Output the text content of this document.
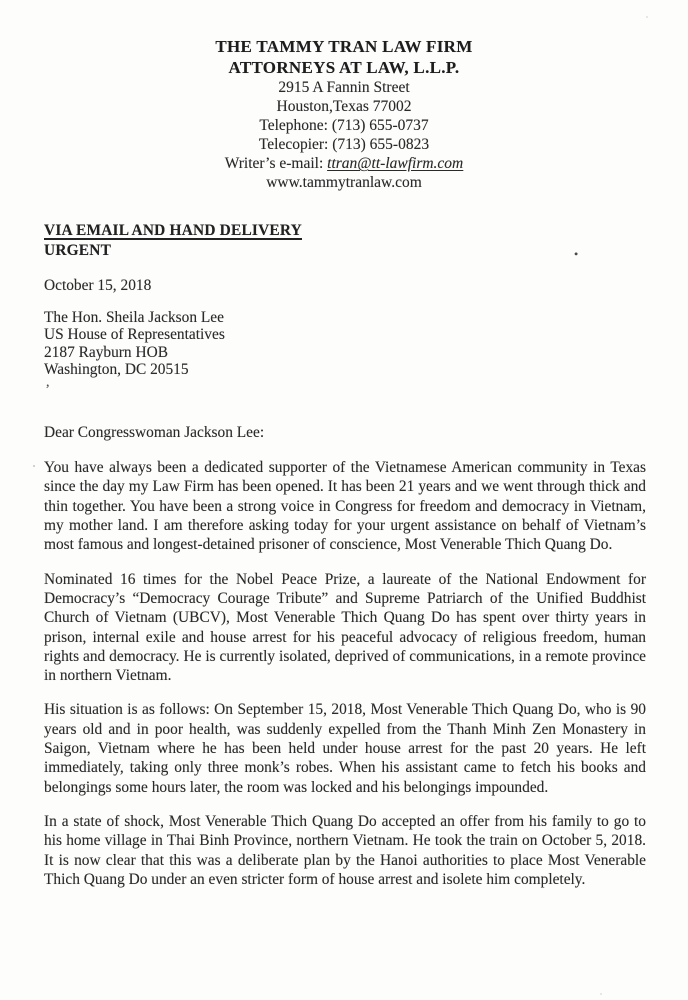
THE TAMMY TRAN LAW FIRM
ATTORNEYS AT LAW, L.L.P.
2915 A Fannin Street
Houston,Texas 77002
Telephone: (713) 655-0737
Telecopier: (713) 655-0823
Writer’s e-mail: ttran@tt-lawfirm.com
www.tammytranlaw.com
VIA EMAIL AND HAND DELIVERY
URGENT
October 15, 2018
The Hon. Sheila Jackson Lee
US House of Representatives
2187 Rayburn HOB
Washington, DC 20515
Dear Congresswoman Jackson Lee:
You have always been a dedicated supporter of the Vietnamese American community in Texas since the day my Law Firm has been opened. It has been 21 years and we went through thick and thin together. You have been a strong voice in Congress for freedom and democracy in Vietnam, my mother land. I am therefore asking today for your urgent assistance on behalf of Vietnam’s most famous and longest-detained prisoner of conscience, Most Venerable Thich Quang Do.
Nominated 16 times for the Nobel Peace Prize, a laureate of the National Endowment for Democracy’s “Democracy Courage Tribute” and Supreme Patriarch of the Unified Buddhist Church of Vietnam (UBCV), Most Venerable Thich Quang Do has spent over thirty years in prison, internal exile and house arrest for his peaceful advocacy of religious freedom, human rights and democracy. He is currently isolated, deprived of communications, in a remote province in northern Vietnam.
His situation is as follows: On September 15, 2018, Most Venerable Thich Quang Do, who is 90 years old and in poor health, was suddenly expelled from the Thanh Minh Zen Monastery in Saigon, Vietnam where he has been held under house arrest for the past 20 years. He left immediately, taking only three monk’s robes. When his assistant came to fetch his books and belongings some hours later, the room was locked and his belongings impounded.
In a state of shock, Most Venerable Thich Quang Do accepted an offer from his family to go to his home village in Thai Binh Province, northern Vietnam. He took the train on October 5, 2018. It is now clear that this was a deliberate plan by the Hanoi authorities to place Most Venerable Thich Quang Do under an even stricter form of house arrest and isolete him completely.
•
,
